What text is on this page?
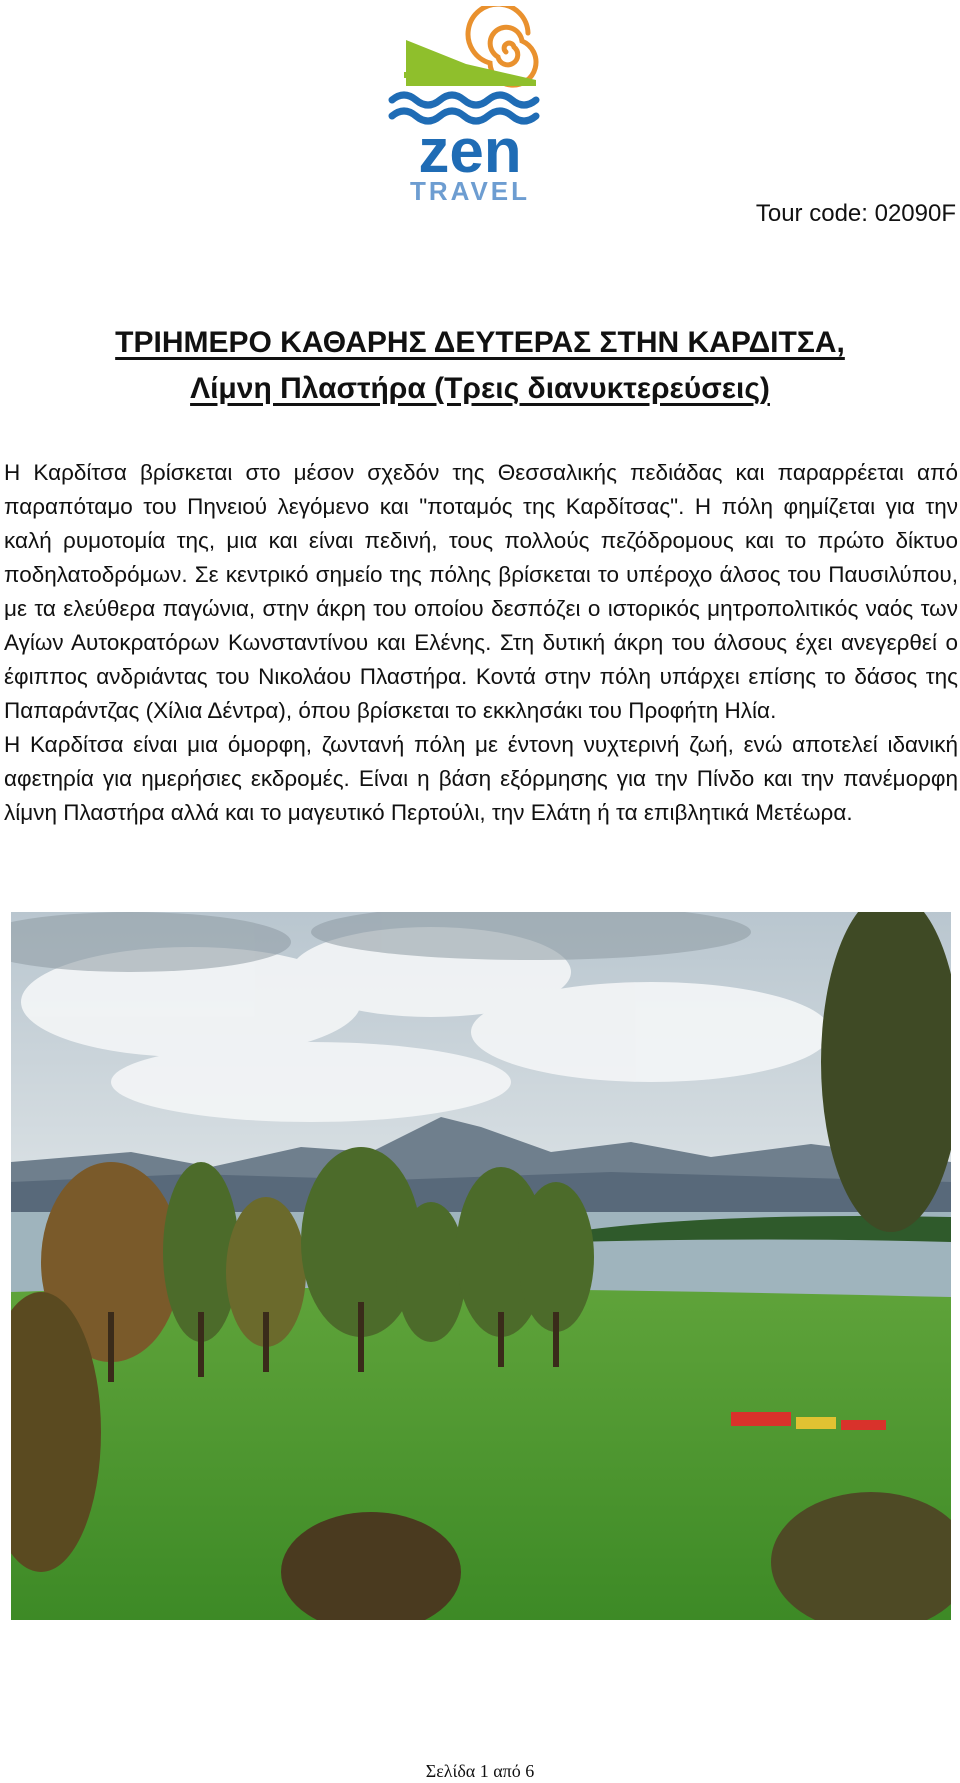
zen
TRAVEL
Tour code: 02090F
ΤΡΙΗΜΕΡΟ ΚΑΘΑΡΗΣ ΔΕΥΤΕΡΑΣ ΣΤΗΝ ΚΑΡΔΙΤΣΑ,
Λίμνη Πλαστήρα (Τρεις διανυκτερεύσεις)

Η Καρδίτσα βρίσκεται στο μέσον σχεδόν της Θεσσαλικής πεδιάδας και παραρρέεται από παραπόταμο του Πηνειού λεγόμενο και "ποταμός της Καρδίτσας". Η πόλη φημίζεται για την καλή ρυμοτομία της, μια και είναι πεδινή, τους πολλούς πεζόδρομους και το πρώτο δίκτυο ποδηλατοδρόμων. Σε κεντρικό σημείο της πόλης βρίσκεται το υπέροχο άλσος του Παυσιλύπου, με τα ελεύθερα παγώνια, στην άκρη του οποίου δεσπόζει ο ιστορικός μητροπολιτικός ναός των Αγίων Αυτοκρατόρων Κωνσταντίνου και Ελένης. Στη δυτική άκρη του άλσους έχει ανεγερθεί ο έφιππος ανδριάντας του Νικολάου Πλαστήρα. Κοντά στην πόλη υπάρχει επίσης το δάσος της Παπαράντζας (Χίλια Δέντρα), όπου βρίσκεται το εκκλησάκι του Προφήτη Ηλία.

Η Καρδίτσα είναι μια όμορφη, ζωντανή πόλη με έντονη νυχτερινή ζωή, ενώ αποτελεί ιδανική αφετηρία για ημερήσιες εκδρομές. Είναι η βάση εξόρμησης για την Πίνδο και την πανέμορφη λίμνη Πλαστήρα αλλά και το μαγευτικό Περτούλι, την Ελάτη ή τα επιβλητικά Μετέωρα.

Σελίδα 1 από 6
